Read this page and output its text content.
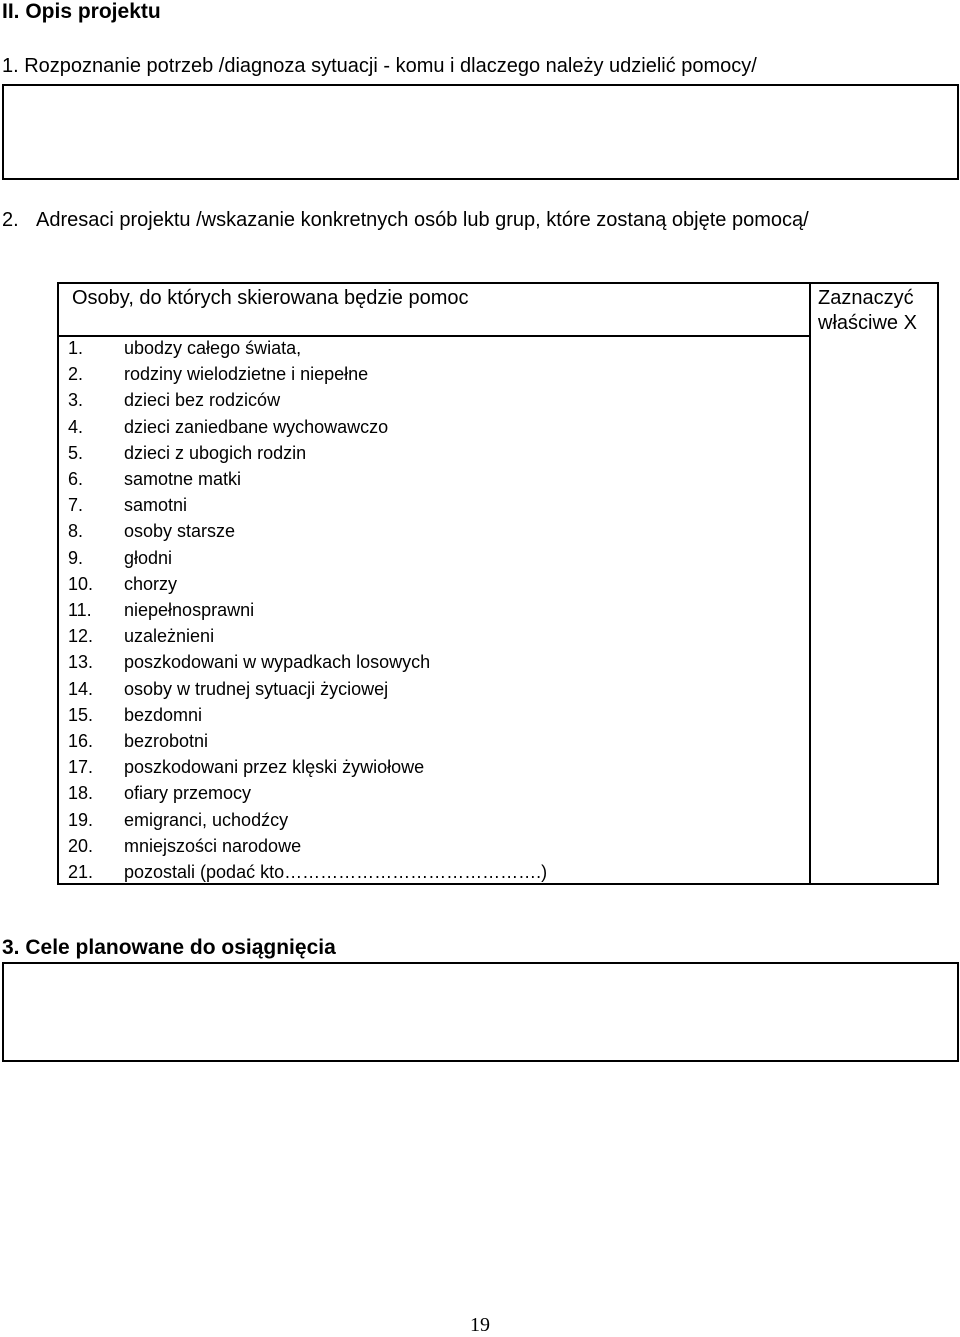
II. Opis projektu
1. Rozpoznanie potrzeb /diagnoza sytuacji - komu i dlaczego należy udzielić pomocy/
2. Adresaci projektu /wskazanie konkretnych osób lub grup, które zostaną objęte pomocą/
Osoby, do których skierowana będzie pomoc	Zaznaczyć
właściwe X
1.	ubodzy całego świata,
2.	rodziny wielodzietne i niepełne
3.	dzieci bez rodziców
4.	dzieci zaniedbane wychowawczo
5.	dzieci z ubogich rodzin
6.	samotne matki
7.	samotni
8.	osoby starsze
9.	głodni
10.	chorzy
11.	niepełnosprawni
12.	uzależnieni
13.	poszkodowani w wypadkach losowych
14.	osoby w trudnej sytuacji życiowej
15.	bezdomni
16.	bezrobotni
17.	poszkodowani przez klęski żywiołowe
18.	ofiary przemocy
19.	emigranci, uchodźcy
20.	mniejszości narodowe
21.	pozostali (podać kto…………………………………….)
3. Cele planowane do osiągnięcia
19
